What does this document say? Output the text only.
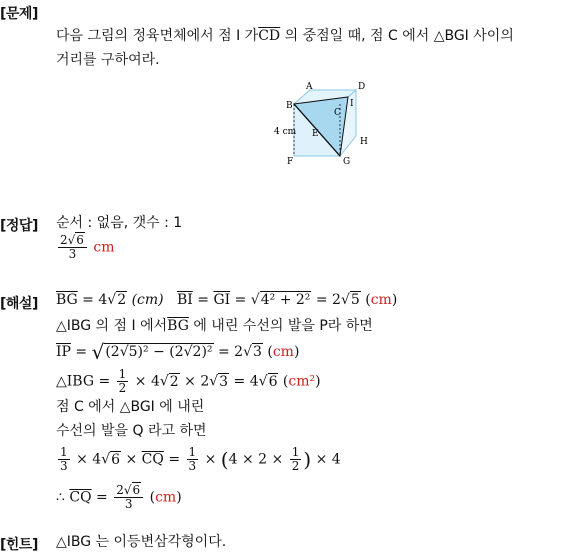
[문제]
다음 그림의 정육면체에서 점 I 가$\overline{CD}$ 의 중점일 때, 점 C 에서 △BGI 사이의
거리를 구하여라.
A	D
B
C
I
E
F	G
H
4 cm
[정답] 순서 : 없음, 갯수 : 1
$\frac{2√6}{3}$ cm
[해설] $\overline{BG} = 4√2$ (cm) $\overline{BI} = \overline{GI} = √4^2 + 2^2 = 2√5$ (cm)
△IBG 의 점 I 에서$\overline{BG}$ 에 내린 수선의 발을 P라 하면
$\overline{IP} = √(2√5)^2 - (2√2)^2 = 2√3$ (cm)
△IBG = $\frac{1}{2} \times 4√2 \times 2√3 = 4√6$ (cm²)
점 C 에서 △BGI 에 내린
수선의 발을 Q 라고 하면
$\frac{1}{3} \times 4√6 \times \overline{CQ} = \frac{1}{3} \times (4 \times 2 \times \frac{1}{2}$ ) × 4
∴ $\overline{CQ} = \frac{2√6}{3} (cm)$
[힌트] △IBG 는 이등변삼각형이다.
